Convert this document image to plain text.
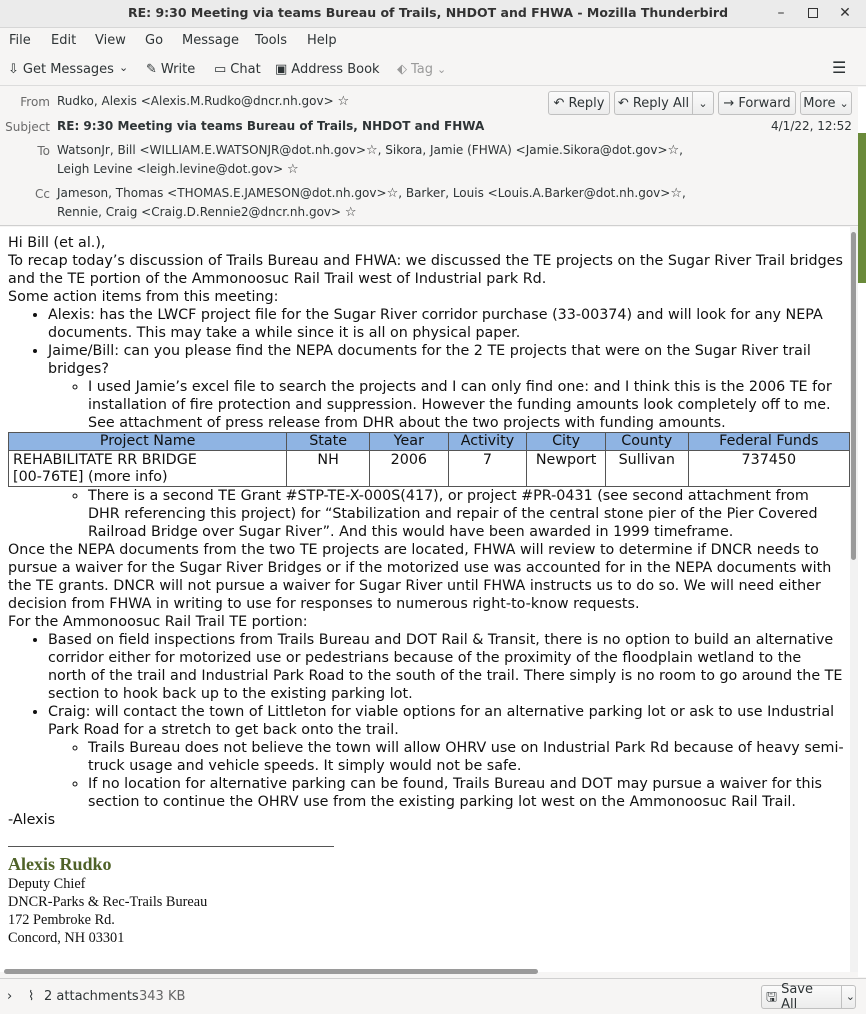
RE: 9:30 Meeting via teams Bureau of Trails, NHDOT and FHWA - Mozilla Thunderbird	–	✕
File Edit View Go Message Tools Help
⇩ Get Messages ⌄ ✎ Write ▭ Chat ▣ Address Book ⬖ Tag ⌄	☰
From Rudko, Alexis <Alexis.M.Rudko@dncr.nh.gov> ☆	↶ Reply ↶ Reply All ⌄ → Forward More ⌄
Subject RE: 9:30 Meeting via teams Bureau of Trails, NHDOT and FHWA	4/1/22, 12:52
To WatsonJr, Bill <WILLIAM.E.WATSONJR@dot.nh.gov>☆, Sikora, Jamie (FHWA) <Jamie.Sikora@dot.gov>☆,
Leigh Levine <leigh.levine@dot.gov> ☆
Cc Jameson, Thomas <THOMAS.E.JAMESON@dot.nh.gov>☆, Barker, Louis <Louis.A.Barker@dot.nh.gov>☆,
Rennie, Craig <Craig.D.Rennie2@dncr.nh.gov> ☆

Hi Bill (et al.),

To recap today’s discussion of Trails Bureau and FHWA: we discussed the TE projects on the Sugar River Trail bridges and the TE portion of the Ammonoosuc Rail Trail west of Industrial park Rd.

Some action items from this meeting:

• Alexis: has the LWCF project file for the Sugar River corridor purchase (33-00374) and will look for any NEPA documents. This may take a while since it is all on physical paper.
• Jaime/Bill: can you please find the NEPA documents for the 2 TE projects that were on the Sugar River trail bridges?
◦ I used Jamie’s excel file to search the projects and I can only find one: and I think this is the 2006 TE for installation of fire protection and suppression. However the funding amounts look completely off to me. See attachment of press release from DHR about the two projects with funding amounts.
Project Name	State	Year	Activity	City	County	Federal Funds
REHABILITATE RR BRIDGE
[00-76TE] (more info)	NH	2006	7	Newport	Sullivan	737450
◦ There is a second TE Grant #STP-TE-X-000S(417), or project #PR-0431 (see second attachment from DHR referencing this project) for “Stabilization and repair of the central stone pier of the Pier Covered Railroad Bridge over Sugar River”. And this would have been awarded in 1999 timeframe.

Once the NEPA documents from the two TE projects are located, FHWA will review to determine if DNCR needs to pursue a waiver for the Sugar River Bridges or if the motorized use was accounted for in the NEPA documents with the TE grants. DNCR will not pursue a waiver for Sugar River until FHWA instructs us to do so. We will need either decision from FHWA in writing to use for responses to numerous right-to-know requests.

For the Ammonoosuc Rail Trail TE portion:

• Based on field inspections from Trails Bureau and DOT Rail & Transit, there is no option to build an alternative corridor either for motorized use or pedestrians because of the proximity of the floodplain wetland to the north of the trail and Industrial Park Road to the south of the trail. There simply is no room to go around the TE section to hook back up to the existing parking lot.
• Craig: will contact the town of Littleton for viable options for an alternative parking lot or ask to use Industrial Park Road for a stretch to get back onto the trail.
◦ Trails Bureau does not believe the town will allow OHRV use on Industrial Park Rd because of heavy semi-truck usage and vehicle speeds. It simply would not be safe.
◦ If no location for alternative parking can be found, Trails Bureau and DOT may pursue a waiver for this section to continue the OHRV use from the existing parking lot west on the Ammonoosuc Rail Trail.

-Alexis

Alexis Rudko
Deputy Chief
DNCR-Parks & Rec-Trails Bureau
172 Pembroke Rd.
Concord, NH 03301
› ⌇ 2 attachments 343 KB	🖫 Save All
⌄
